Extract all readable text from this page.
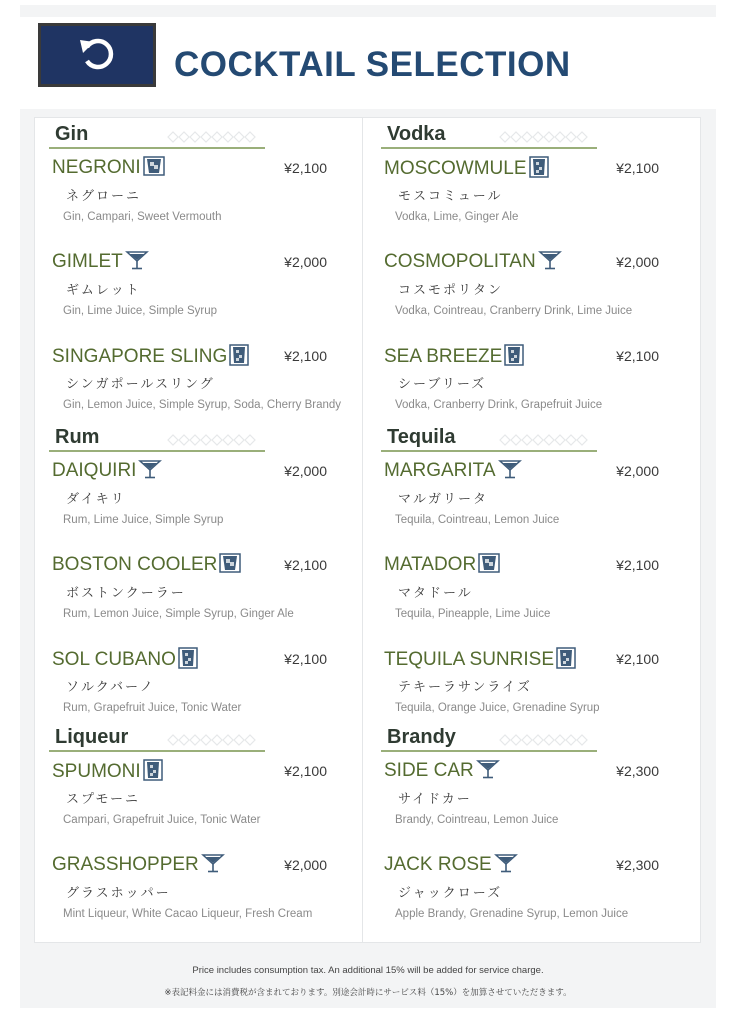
COCKTAIL SELECTION
Gin
NEGRONI	¥2,100
ネグローニ
Gin, Campari, Sweet Vermouth
GIMLET	¥2,000
ギムレット
Gin, Lime Juice, Simple Syrup
SINGAPORE SLING	¥2,100
シンガポールスリング
Gin, Lemon Juice, Simple Syrup, Soda, Cherry Brandy
Rum
DAIQUIRI	¥2,000
ダイキリ
Rum, Lime Juice, Simple Syrup
BOSTON COOLER	¥2,100
ボストンクーラー
Rum, Lemon Juice, Simple Syrup, Ginger Ale
SOL CUBANO	¥2,100
ソルクバーノ
Rum, Grapefruit Juice, Tonic Water
Liqueur
SPUMONI	¥2,100
スプモーニ
Campari, Grapefruit Juice, Tonic Water
GRASSHOPPER	¥2,000
グラスホッパー
Mint Liqueur, White Cacao Liqueur, Fresh Cream
Vodka
MOSCOWMULE	¥2,100
モスコミュール
Vodka, Lime, Ginger Ale
COSMOPOLITAN	¥2,000
コスモポリタン
Vodka, Cointreau, Cranberry Drink, Lime Juice
SEA BREEZE	¥2,100
シーブリーズ
Vodka, Cranberry Drink, Grapefruit Juice
Tequila
MARGARITA	¥2,000
マルガリータ
Tequila, Cointreau, Lemon Juice
MATADOR	¥2,100
マタドール
Tequila, Pineapple, Lime Juice
TEQUILA SUNRISE	¥2,100
テキーラサンライズ
Tequila, Orange Juice, Grenadine Syrup
Brandy
SIDE CAR	¥2,300
サイドカー
Brandy, Cointreau, Lemon Juice
JACK ROSE	¥2,300
ジャックローズ
Apple Brandy, Grenadine Syrup, Lemon Juice
Price includes consumption tax. An additional 15% will be added for service charge.
※表記料金には消費税が含まれております。別途会計時にサービス料（15%）を加算させていただきます。
